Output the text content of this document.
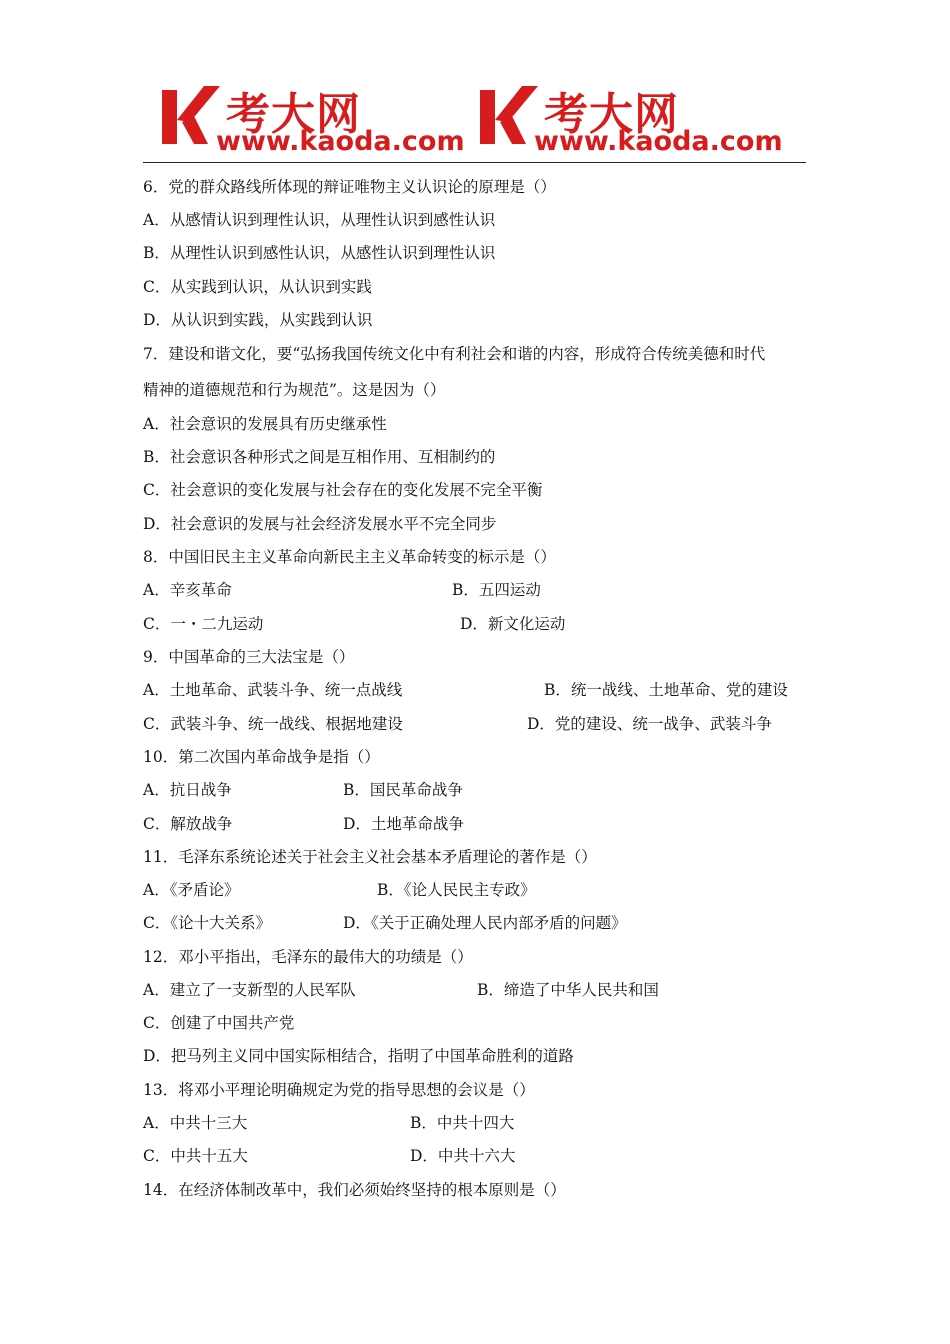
考大网
www.kaoda.com
考大网
www.kaoda.com
6．党的群众路线所体现的辩证唯物主义认识论的原理是（）
A．从感情认识到理性认识，从理性认识到感性认识
B．从理性认识到感性认识，从感性认识到理性认识
C．从实践到认识，从认识到实践
D．从认识到实践，从实践到认识
7．建设和谐文化，要“弘扬我国传统文化中有利社会和谐的内容，形成符合传统美德和时代
精神的道德规范和行为规范”。这是因为（）
A．社会意识的发展具有历史继承性
B．社会意识各种形式之间是互相作用、互相制约的
C．社会意识的变化发展与社会存在的变化发展不完全平衡
D．社会意识的发展与社会经济发展水平不完全同步
8．中国旧民主主义革命向新民主主义革命转变的标示是（）
A．辛亥革命	B．五四运动
C．一・二九运动	D．新文化运动
9．中国革命的三大法宝是（）
A．土地革命、武装斗争、统一点战线	B．统一战线、土地革命、党的建设
C．武装斗争、统一战线、根据地建设	D．党的建设、统一战争、武装斗争
10．第二次国内革命战争是指（）
A．抗日战争	B．国民革命战争
C．解放战争	D．土地革命战争
11．毛泽东系统论述关于社会主义社会基本矛盾理论的著作是（）
A．《矛盾论》	B．《论人民民主专政》
C．《论十大关系》	D．《关于正确处理人民内部矛盾的问题》
12．邓小平指出，毛泽东的最伟大的功绩是（）
A．建立了一支新型的人民军队	B．缔造了中华人民共和国
C．创建了中国共产党
D．把马列主义同中国实际相结合，指明了中国革命胜利的道路
13．将邓小平理论明确规定为党的指导思想的会议是（）
A．中共十三大	B．中共十四大
C．中共十五大	D．中共十六大
14．在经济体制改革中，我们必须始终坚持的根本原则是（）
